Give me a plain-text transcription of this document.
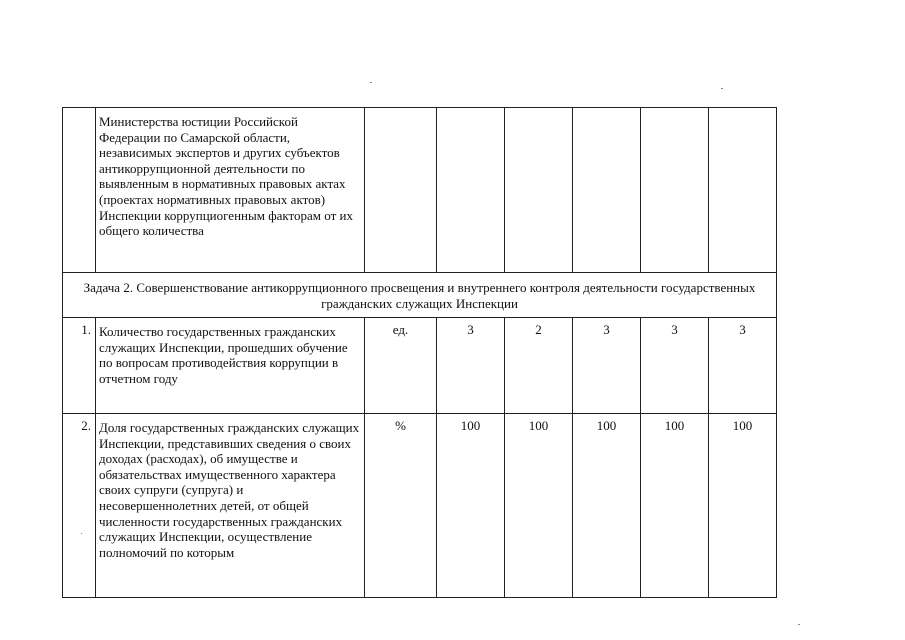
	Министерства юстиции Российской Федерации по Самарской области, независимых экспертов и других субъектов антикоррупционной деятельности по выявленным в нормативных правовых актах (проектах нормативных правовых актов) Инспекции коррупциогенным факторам от их общего количества						
Задача 2. Совершенствование антикоррупционного просвещения и внутреннего контроля деятельности государственных гражданских служащих Инспекции							
1.	Количество государственных гражданских служащих Инспекции, прошедших обучение по вопросам противодействия коррупции в отчетном году	ед.	3	2	3	3	3
2.	Доля государственных гражданских служащих Инспекции, представивших сведения о своих доходах (расходах), об имуществе и обязательствах имущественного характера своих супруги (супруга) и несовершеннолетних детей, от общей численности государственных гражданских служащих Инспекции, осуществление полномочий по которым	%	100	100	100	100	100
